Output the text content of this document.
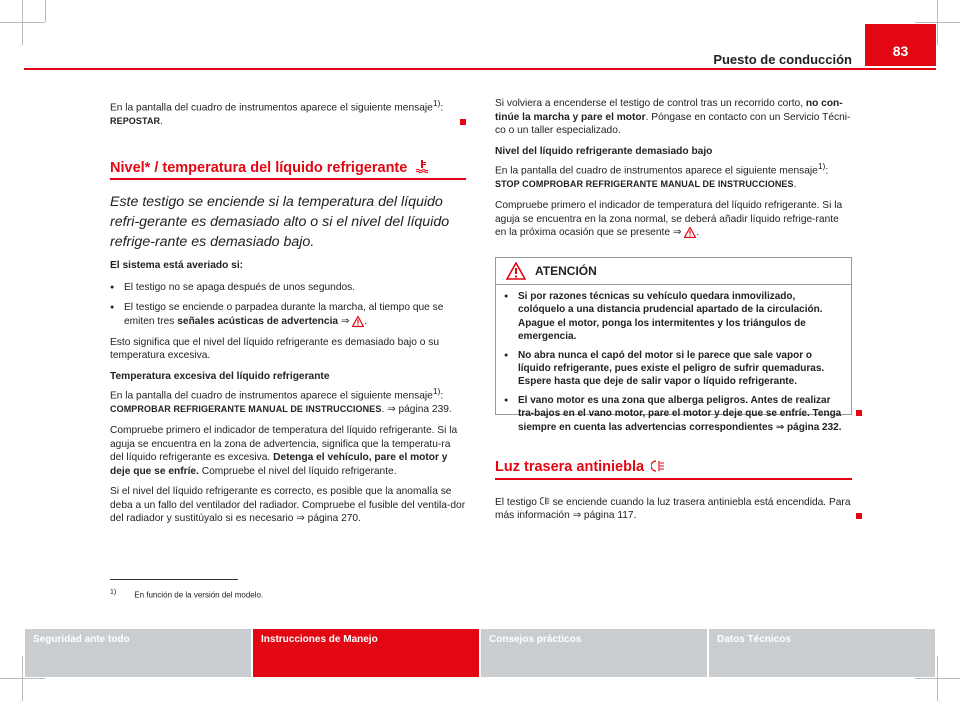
Puesto de conducción
83

En la pantalla del cuadro de instrumentos aparece el siguiente mensaje$^{1)}$:
REPOSTAR.

Nivel* / temperatura del líquido refrigerante

Este testigo se enciende si la temperatura del líquido refri-gerante es demasiado alto o si el nivel del líquido refrige-rante es demasiado bajo.

El sistema está averiado si:

● El testigo no se apaga después de unos segundos.

● El testigo se enciende o parpadea durante la marcha, al tiempo que se emiten tres señales acústicas de advertencia ⇒ .

Esto significa que el nivel del líquido refrigerante es demasiado bajo o su temperatura excesiva.

Temperatura excesiva del líquido refrigerante

En la pantalla del cuadro de instrumentos aparece el siguiente mensaje$^{1)}$:
COMPROBAR REFRIGERANTE MANUAL DE INSTRUCCIONES. ⇒ página 239.

Compruebe primero el indicador de temperatura del líquido refrigerante. Si la aguja se encuentra en la zona de advertencia, significa que la temperatu-ra del líquido refrigerante es excesiva. Detenga el vehículo, pare el motor y deje que se enfríe. Compruebe el nivel del líquido refrigerante.

Si el nivel del líquido refrigerante es correcto, es posible que la anomalía se deba a un fallo del ventilador del radiador. Compruebe el fusible del ventila-dor del radiador y sustitúyalo si es necesario ⇒ página 270.

Si volviera a encenderse el testigo de control tras un recorrido corto, no con-tinúe la marcha y pare el motor. Póngase en contacto con un Servicio Técni-co o un taller especializado.

Nivel del líquido refrigerante demasiado bajo

En la pantalla del cuadro de instrumentos aparece el siguiente mensaje$^{1)}$:
STOP COMPROBAR REFRIGERANTE MANUAL DE INSTRUCCIONES.

Compruebe primero el indicador de temperatura del líquido refrigerante. Si la aguja se encuentra en la zona normal, se deberá añadir líquido refrige-rante en la próxima ocasión que se presente ⇒ .

ATENCIÓN

● Si por razones técnicas su vehículo quedara inmovilizado, colóquelo a una distancia prudencial apartado de la circulación. Apague el motor, ponga los intermitentes y los triángulos de emergencia.

● No abra nunca el capó del motor si le parece que sale vapor o líquido refrigerante, pues existe el peligro de sufrir quemaduras. Espere hasta que deje de salir vapor o líquido refrigerante.

● El vano motor es una zona que alberga peligros. Antes de realizar tra-bajos en el vano motor, pare el motor y deje que se enfríe. Tenga siempre en cuenta las advertencias correspondientes ⇒ página 232.

Luz trasera antiniebla

El testigo  se enciende cuando la luz trasera antiniebla está encendida. Para más información ⇒ página 117.

$^{1)}$ En función de la versión del modelo.
Seguridad ante todo	Instrucciones de Manejo	Consejos prácticos	Datos Técnicos
